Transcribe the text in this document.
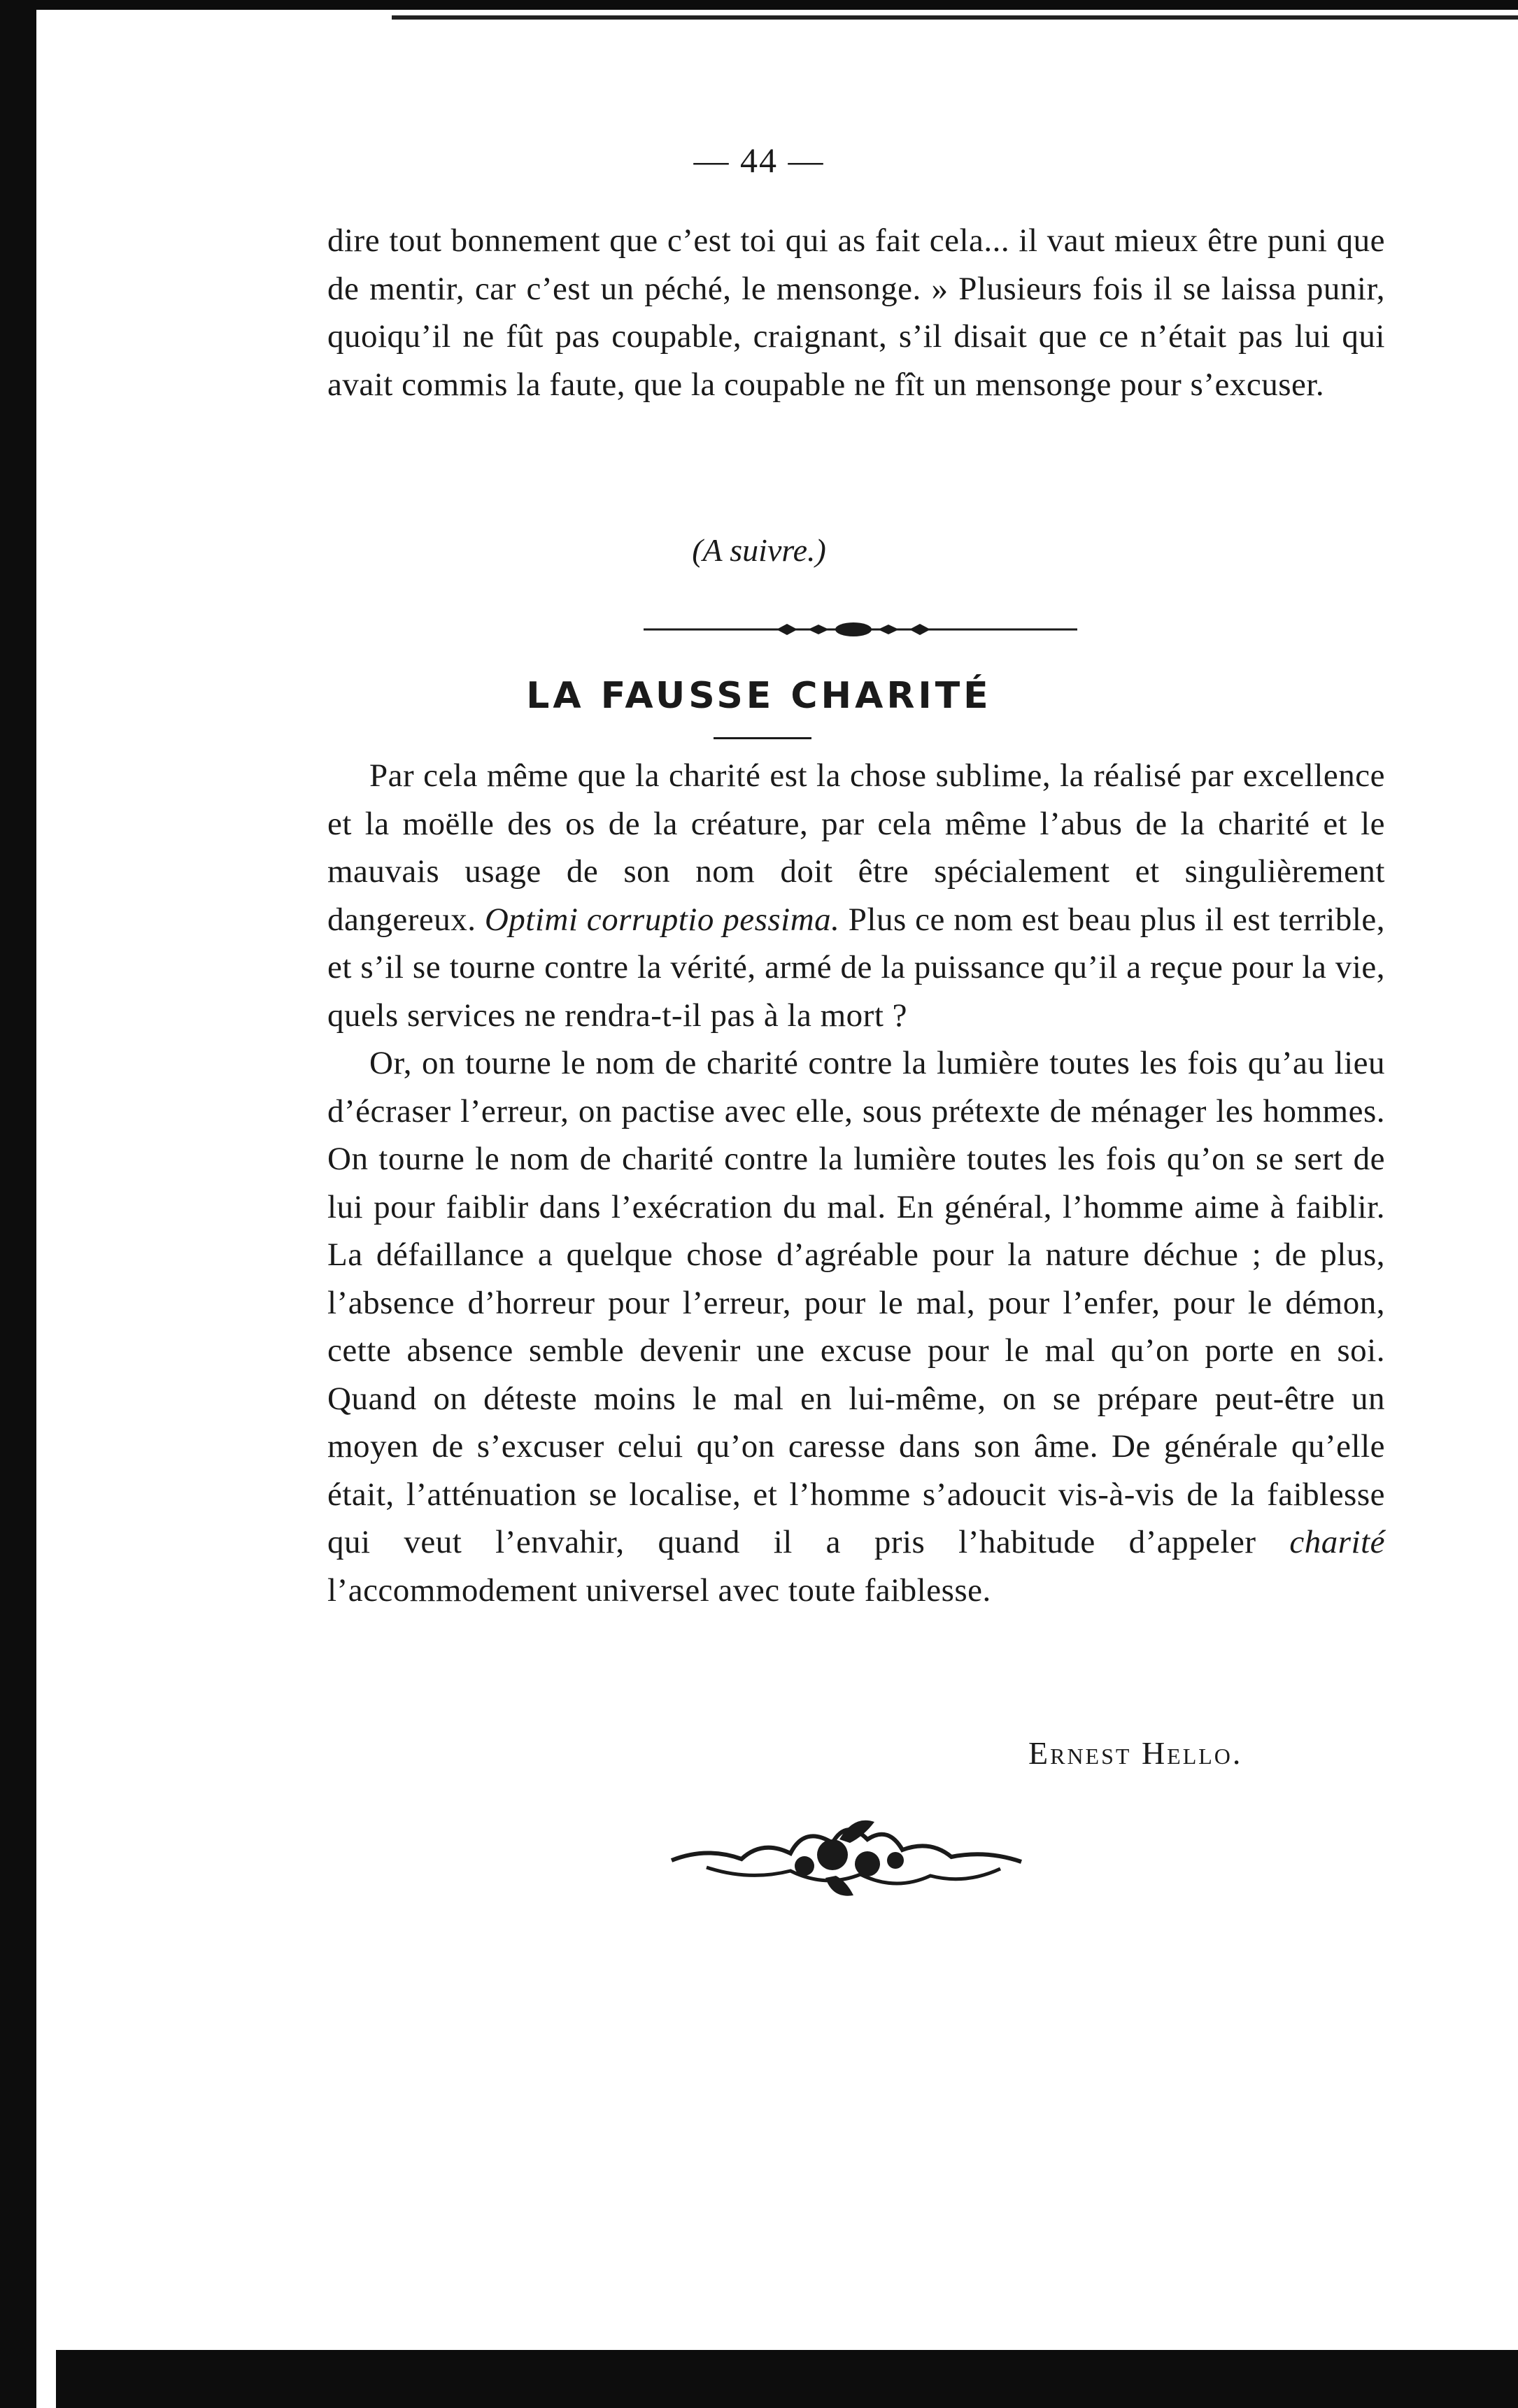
— 44 —

dire tout bonnement que c’est toi qui as fait cela... il vaut mieux être puni que de mentir, car c’est un péché, le mensonge. » Plusieurs fois il se laissa punir, quoiqu’il ne fût pas coupable, craignant, s’il disait que ce n’était pas lui qui avait commis la faute, que la coupable ne fît un mensonge pour s’excuser.

(A suivre.)
LA FAUSSE CHARITÉ

Par cela même que la charité est la chose sublime, la réalisé par excellence et la moëlle des os de la créature, par cela même l’abus de la charité et le mauvais usage de son nom doit être spécialement et singulièrement dangereux. Optimi corruptio pessima. Plus ce nom est beau plus il est terrible, et s’il se tourne contre la vérité, armé de la puissance qu’il a reçue pour la vie, quels services ne rendra-t-il pas à la mort ?

Or, on tourne le nom de charité contre la lumière toutes les fois qu’au lieu d’écraser l’erreur, on pactise avec elle, sous prétexte de ménager les hommes. On tourne le nom de charité contre la lumière toutes les fois qu’on se sert de lui pour faiblir dans l’exécration du mal. En général, l’homme aime à faiblir. La défaillance a quelque chose d’agréable pour la nature déchue ; de plus, l’absence d’horreur pour l’erreur, pour le mal, pour l’enfer, pour le démon, cette absence semble devenir une excuse pour le mal qu’on porte en soi. Quand on déteste moins le mal en lui-même, on se prépare peut-être un moyen de s’excuser celui qu’on caresse dans son âme. De générale qu’elle était, l’atténuation se localise, et l’homme s’adoucit vis-à-vis de la faiblesse qui veut l’envahir, quand il a pris l’habitude d’appeler charité l’accommodement universel avec toute faiblesse.

Ernest Hello.
